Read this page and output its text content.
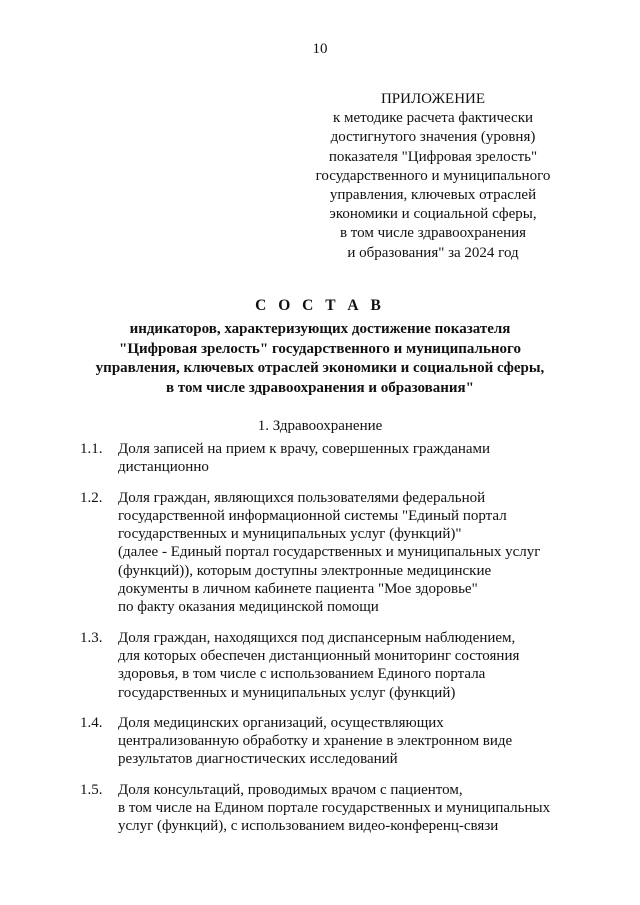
10
ПРИЛОЖЕНИЕ
к методике расчета фактически
достигнутого значения (уровня)
показателя "Цифровая зрелость"
государственного и муниципального
управления, ключевых отраслей
экономики и социальной сферы,
в том числе здравоохранения
и образования" за 2024 год
С О С Т А В
индикаторов, характеризующих достижение показателя
"Цифровая зрелость" государственного и муниципального
управления, ключевых отраслей экономики и социальной сферы,
в том числе здравоохранения и образования"
1. Здравоохранение
1.1. Доля записей на прием к врачу, совершенных гражданами
дистанционно
1.2. Доля граждан, являющихся пользователями федеральной
государственной информационной системы "Единый портал
государственных и муниципальных услуг (функций)"
(далее - Единый портал государственных и муниципальных услуг
(функций)), которым доступны электронные медицинские
документы в личном кабинете пациента "Мое здоровье"
по факту оказания медицинской помощи
1.3. Доля граждан, находящихся под диспансерным наблюдением,
для которых обеспечен дистанционный мониторинг состояния
здоровья, в том числе с использованием Единого портала
государственных и муниципальных услуг (функций)
1.4. Доля медицинских организаций, осуществляющих
централизованную обработку и хранение в электронном виде
результатов диагностических исследований
1.5. Доля консультаций, проводимых врачом с пациентом,
в том числе на Едином портале государственных и муниципальных
услуг (функций), с использованием видео-конференц-связи
